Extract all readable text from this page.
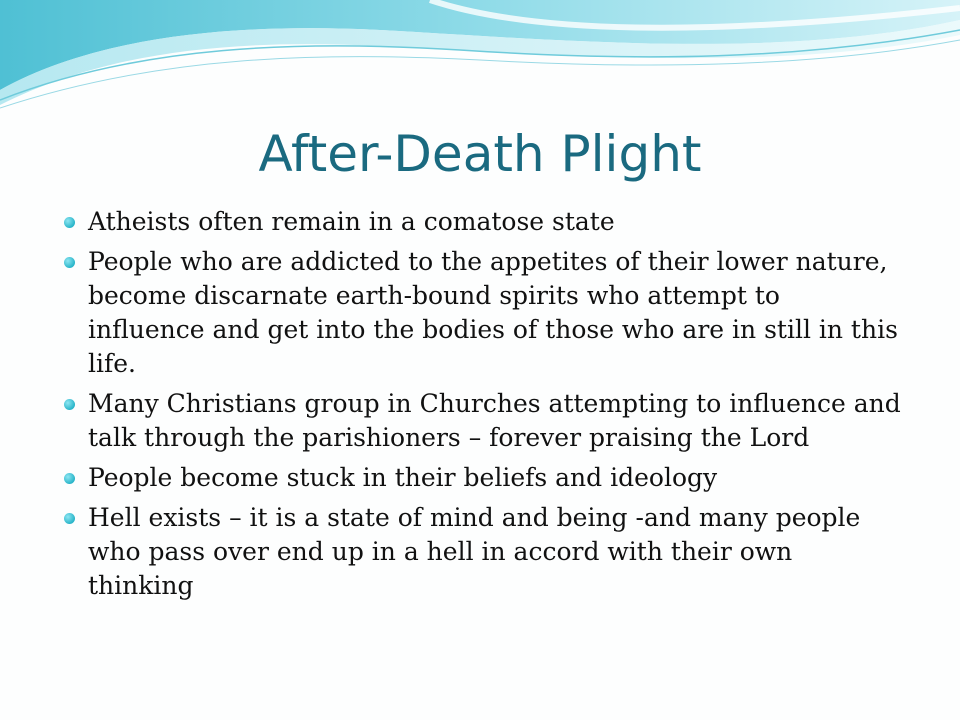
After-Death Plight
Atheists often remain in a comatose state
People who are addicted to the appetites of their lower nature, become discarnate earth-bound spirits who attempt to influence and get into the bodies of those who are in still in this life.
Many Christians group in Churches attempting to influence and talk through the parishioners – forever praising the Lord
People become stuck in their beliefs and ideology
Hell exists – it is a state of mind and being -and many people who pass over end up in a hell in accord with their own thinking
